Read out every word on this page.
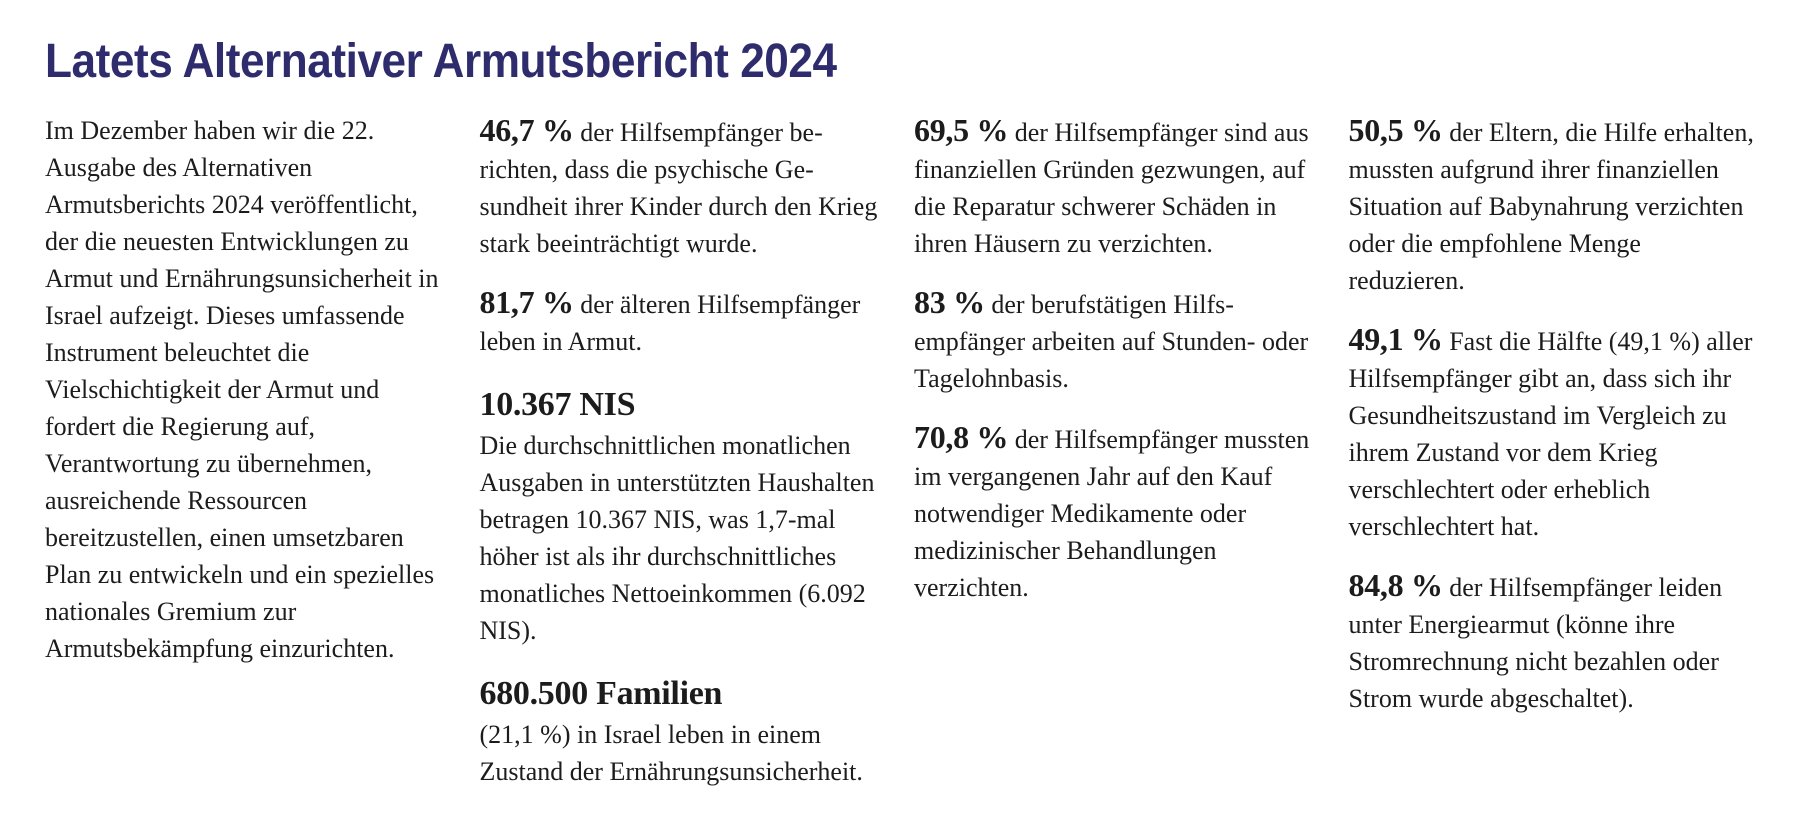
Latets Alternativer Armutsbericht 2024

Im Dezember haben wir die 22. Ausgabe des Alternativen Armutsberichts 2024 veröffentlicht, der die neuesten Entwicklungen zu Armut und Ernährungsunsicherheit in Israel aufzeigt. Dieses umfassende Instrument beleuchtet die Vielschichtigkeit der Armut und fordert die Regierung auf, Verantwortung zu übernehmen, ausreichende Ressourcen bereitzustellen, einen umsetzbaren Plan zu entwickeln und ein spezielles nationales Gremium zur Armutsbekämpfung einzurichten.

46,7 % der Hilfsempfänger berichten, dass die psychische Gesundheit ihrer Kinder durch den Krieg stark beeinträchtigt wurde.

81,7 % der älteren Hilfsempfänger leben in Armut.

10.367 NIS
Die durchschnittlichen monatlichen Ausgaben in unterstützten Haushalten betragen 10.367 NIS, was 1,7-mal höher ist als ihr durchschnittliches monatliches Nettoeinkommen (6.092 NIS).

680.500 Familien
(21,1 %) in Israel leben in einem Zustand der Ernährungsunsicherheit.

69,5 % der Hilfsempfänger sind aus finanziellen Gründen gezwungen, auf die Reparatur schwerer Schäden in ihren Häusern zu verzichten.

83 % der berufstätigen Hilfsempfänger arbeiten auf Stunden- oder Tagelohnbasis.

70,8 % der Hilfsempfänger mussten im vergangenen Jahr auf den Kauf notwendiger Medikamente oder medizinischer Behandlungen verzichten.

50,5 % der Eltern, die Hilfe erhalten, mussten aufgrund ihrer finanziellen Situation auf Babynahrung verzichten oder die empfohlene Menge reduzieren.

49,1 % Fast die Hälfte (49,1 %) aller Hilfsempfänger gibt an, dass sich ihr Gesundheitszustand im Vergleich zu ihrem Zustand vor dem Krieg verschlechtert oder erheblich verschlechtert hat.

84,8 % der Hilfsempfänger leiden unter Energiearmut (könne ihre Stromrechnung nicht bezahlen oder Strom wurde abgeschaltet).
